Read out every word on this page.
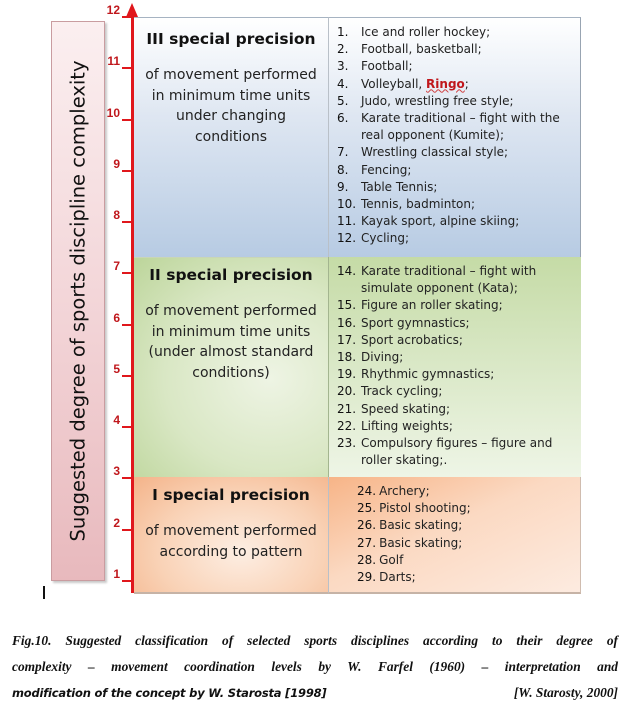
Suggested degree of sports discipline complexity
1
2
3
4
5
6
7
8
9
10
11
12
III special precision
of movement performed
in minimum time units
under changing
conditions
1. Ice and roller hockey;
2. Football, basketball;
3. Football;
4. Volleyball, Ringo;
5. Judo, wrestling free style;
6. Karate traditional – fight with the real opponent (Kumite);
7. Wrestling classical style;
8. Fencing;
9. Table Tennis;
10. Tennis, badminton;
11. Kayak sport, alpine skiing;
12. Cycling;
II special precision
of movement performed
in minimum time units
(under almost standard
conditions)
14. Karate traditional – fight with simulate opponent (Kata);
15. Figure an roller skating;
16. Sport gymnastics;
17. Sport acrobatics;
18. Diving;
19. Rhythmic gymnastics;
20. Track cycling;
21. Speed skating;
22. Lifting weights;
23. Compulsory figures – figure and roller skating;.
I special precision
of movement performed
according to pattern
24. Archery;
25. Pistol shooting;
26. Basic skating;
27. Basic skating;
28. Golf
29. Darts;
Fig.10. Suggested classification of selected sports disciplines according to their degree of
complexity – movement coordination levels by W. Farfel (1960) – interpretation and
modification of the concept by W. Starosta [1998]	[W. Starosty, 2000]
